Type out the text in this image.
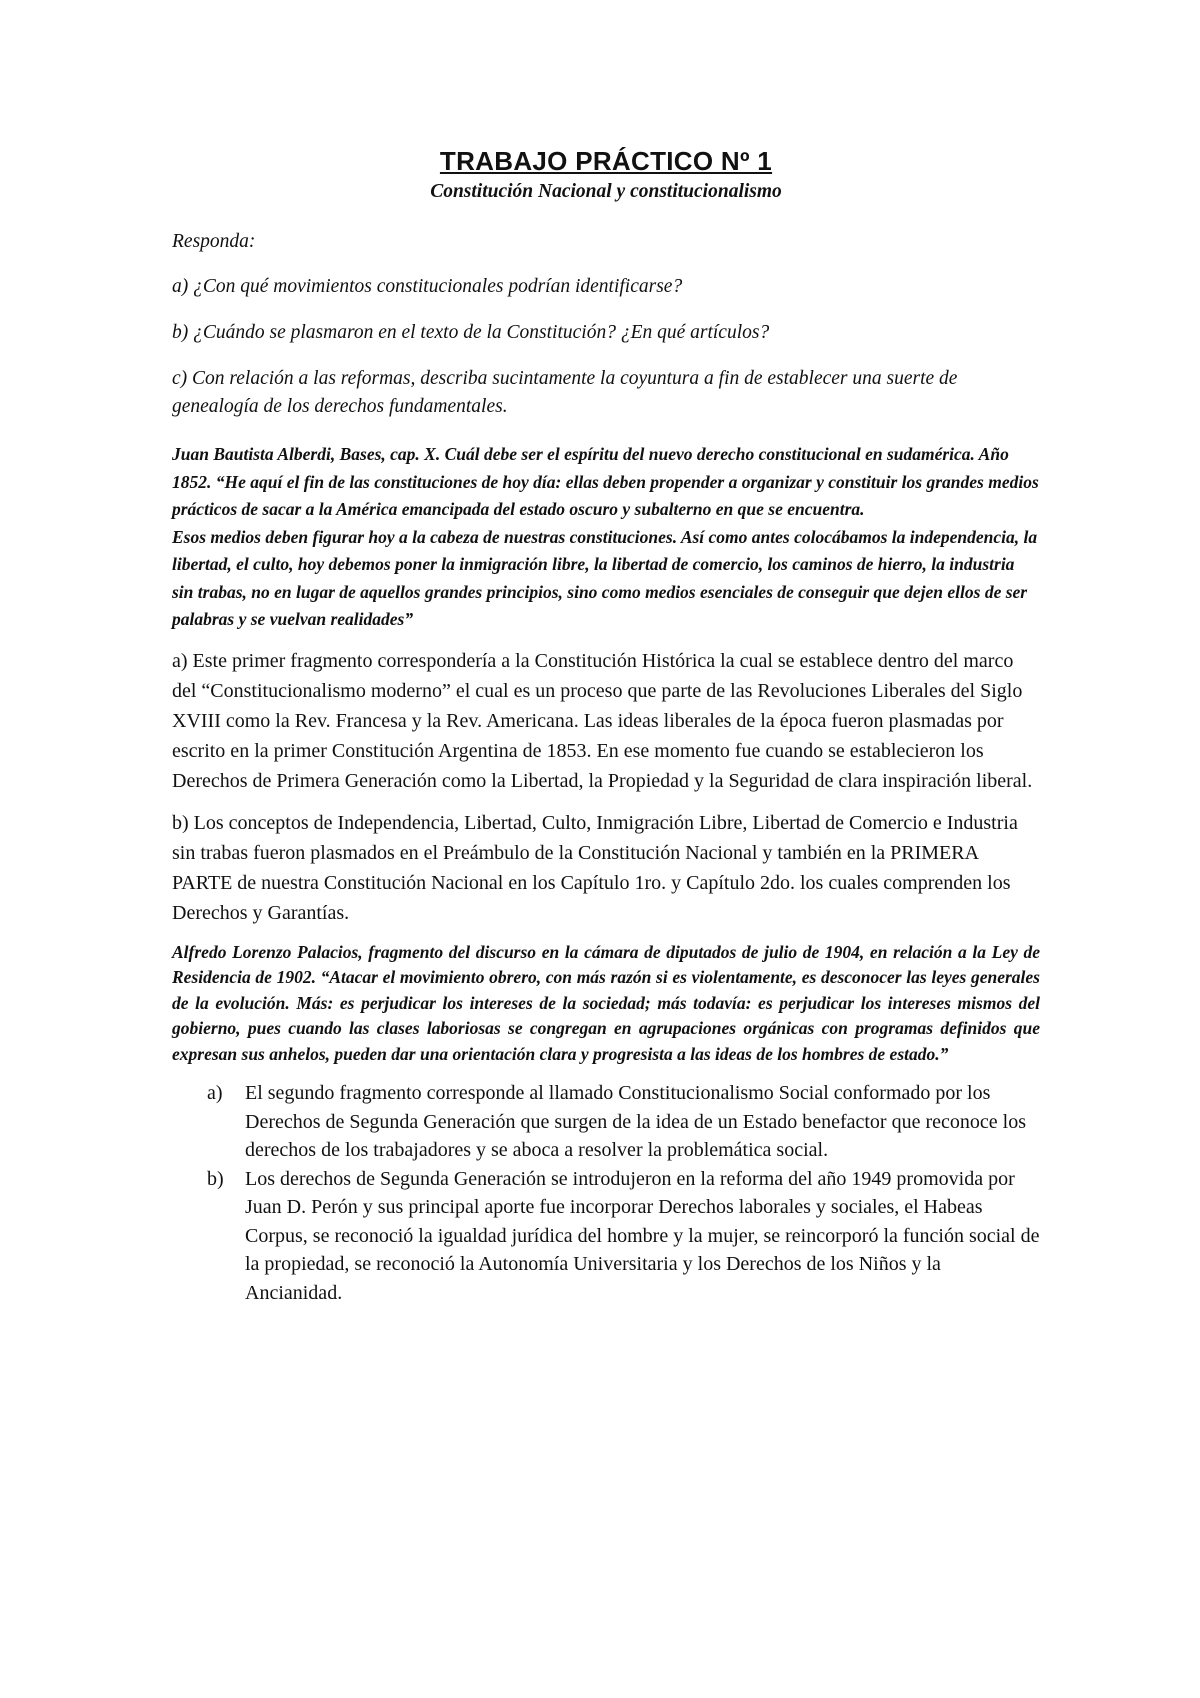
TRABAJO PRÁCTICO Nº 1

Constitución Nacional y constitucionalismo

Responda:

a) ¿Con qué movimientos constitucionales podrían identificarse?

b) ¿Cuándo se plasmaron en el texto de la Constitución? ¿En qué artículos?

c) Con relación a las reformas, describa sucintamente la coyuntura a fin de establecer una suerte de genealogía de los derechos fundamentales.

Juan Bautista Alberdi, Bases, cap. X. Cuál debe ser el espíritu del nuevo derecho constitucional en sudamérica. Año 1852. “He aquí el fin de las constituciones de hoy día: ellas deben propender a organizar y constituir los grandes medios prácticos de sacar a la América emancipada del estado oscuro y subalterno en que se encuentra.

Esos medios deben figurar hoy a la cabeza de nuestras constituciones. Así como antes colocábamos la independencia, la libertad, el culto, hoy debemos poner la inmigración libre, la libertad de comercio, los caminos de hierro, la industria sin trabas, no en lugar de aquellos grandes principios, sino como medios esenciales de conseguir que dejen ellos de ser palabras y se vuelvan realidades”

a) Este primer fragmento correspondería a la Constitución Histórica la cual se establece dentro del marco del “Constitucionalismo moderno” el cual es un proceso que parte de las Revoluciones Liberales del Siglo XVIII como la Rev. Francesa y la Rev. Americana. Las ideas liberales de la época fueron plasmadas por escrito en la primer Constitución Argentina de 1853. En ese momento fue cuando se establecieron los Derechos de Primera Generación como la Libertad, la Propiedad y la Seguridad de clara inspiración liberal.

b) Los conceptos de Independencia, Libertad, Culto, Inmigración Libre, Libertad de Comercio e Industria sin trabas fueron plasmados en el Preámbulo de la Constitución Nacional y también en la PRIMERA PARTE de nuestra Constitución Nacional en los Capítulo 1ro. y Capítulo 2do. los cuales comprenden los Derechos y Garantías.

Alfredo Lorenzo Palacios, fragmento del discurso en la cámara de diputados de julio de 1904, en relación a la Ley de Residencia de 1902. “Atacar el movimiento obrero, con más razón si es violentamente, es desconocer las leyes generales de la evolución. Más: es perjudicar los intereses de la sociedad; más todavía: es perjudicar los intereses mismos del gobierno, pues cuando las clases laboriosas se congregan en agrupaciones orgánicas con programas definidos que expresan sus anhelos, pueden dar una orientación clara y progresista a las ideas de los hombres de estado.”

a) El segundo fragmento corresponde al llamado Constitucionalismo Social conformado por los Derechos de Segunda Generación que surgen de la idea de un Estado benefactor que reconoce los derechos de los trabajadores y se aboca a resolver la problemática social.
b) Los derechos de Segunda Generación se introdujeron en la reforma del año 1949 promovida por Juan D. Perón y sus principal aporte fue incorporar Derechos laborales y sociales, el Habeas Corpus, se reconoció la igualdad jurídica del hombre y la mujer, se reincorporó la función social de la propiedad, se reconoció la Autonomía Universitaria y los Derechos de los Niños y la Ancianidad.
